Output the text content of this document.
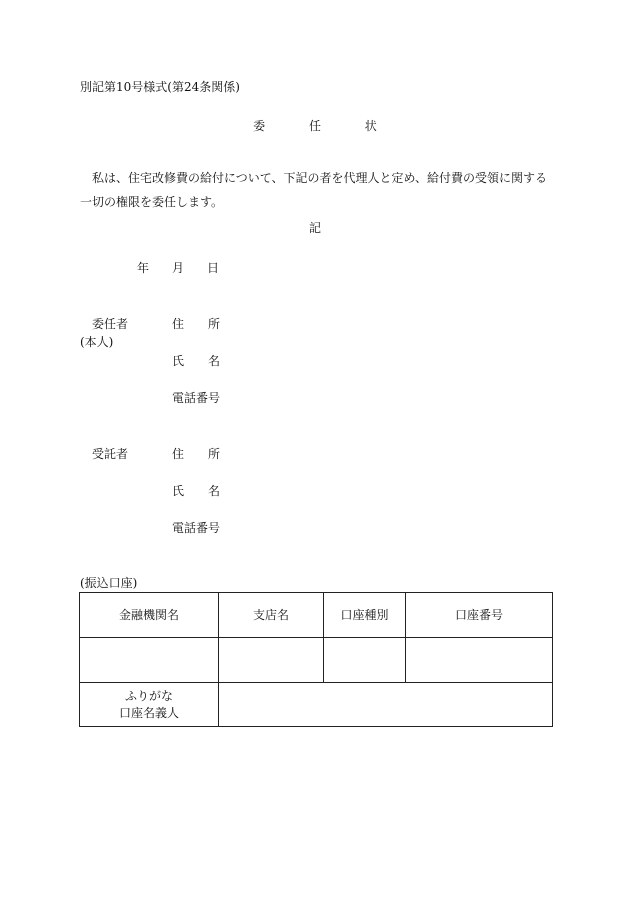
別記第10号様式(第24条関係)
委 任 状
私は、住宅改修費の給付について、下記の者を代理人と定め、給付費の受領に関する一切の権限を委任します。
記
年 月 日
委任者
(本人)
住 所
氏 名
電話番号
受託者	住 所
氏 名
電話番号
(振込口座)
金融機関名	支店名	口座種別	口座番号

ふりがな
口座名義人			
